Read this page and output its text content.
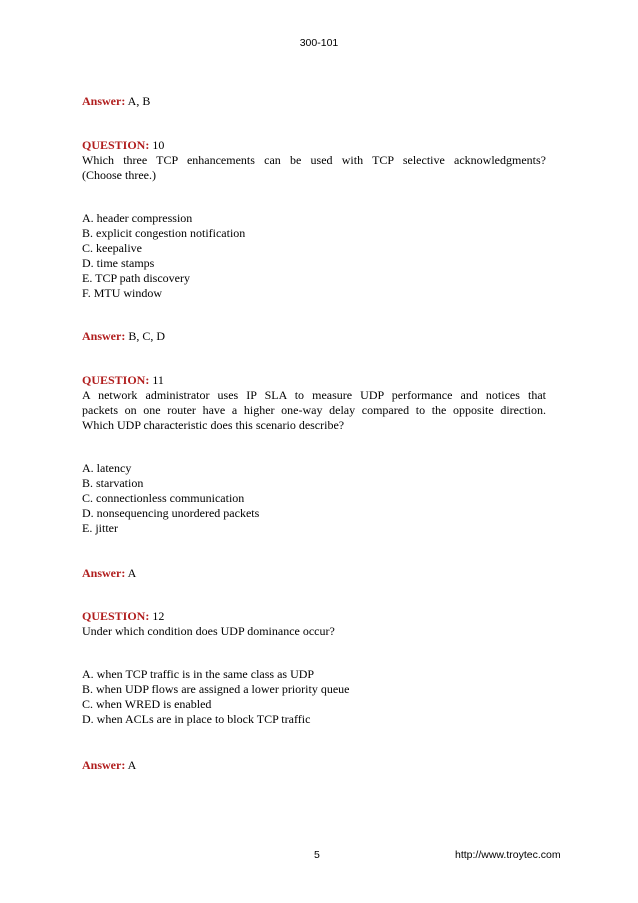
300-101
Answer: A, B
QUESTION: 10
Which three TCP enhancements can be used with TCP selective acknowledgments?
(Choose three.)
A. header compression
B. explicit congestion notification
C. keepalive
D. time stamps
E. TCP path discovery
F. MTU window
Answer: B, C, D
QUESTION: 11
A network administrator uses IP SLA to measure UDP performance and notices that
packets on one router have a higher one-way delay compared to the opposite direction.
Which UDP characteristic does this scenario describe?
A. latency
B. starvation
C. connectionless communication
D. nonsequencing unordered packets
E. jitter
Answer: A
QUESTION: 12
Under which condition does UDP dominance occur?
A. when TCP traffic is in the same class as UDP
B. when UDP flows are assigned a lower priority queue
C. when WRED is enabled
D. when ACLs are in place to block TCP traffic
Answer: A
5	http://www.troytec.com
